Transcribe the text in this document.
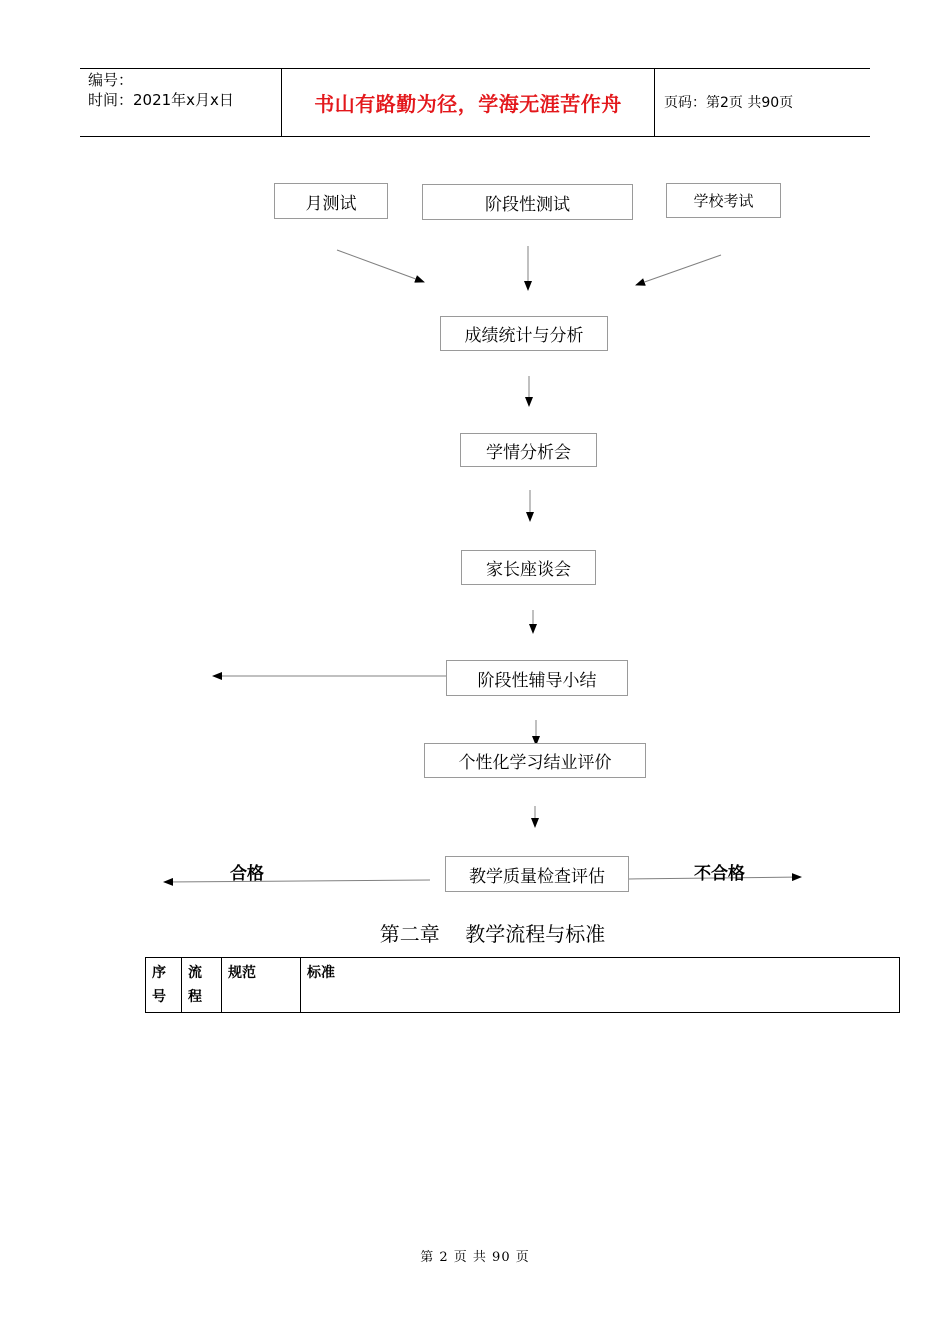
编号：
时间：2021年x月x日	书山有路勤为径，学海无涯苦作舟	页码：第2页 共90页
月测试	阶段性测试	学校考试
成绩统计与分析
学情分析会
家长座谈会
阶段性辅导小结
个性化学习结业评价
教学质量检查评估
合格	不合格
第二章    教学流程与标准
序号	流程	规范	标准
第 2 页 共 90 页
